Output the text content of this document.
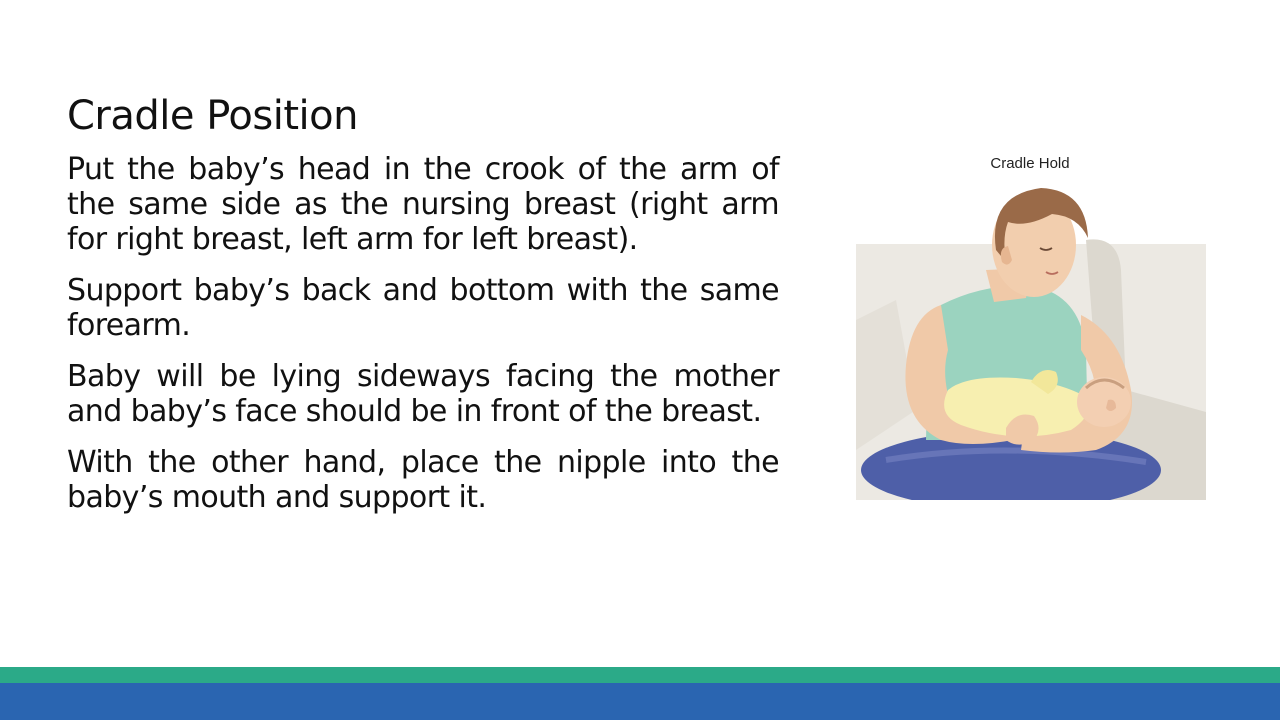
Cradle Position

Put the baby’s head in the crook of the arm of the same side as the nursing breast (right arm for right breast, left arm for left breast).

Support baby’s back and bottom with the same forearm.

Baby will be lying sideways facing the mother and baby’s face should be in front of the breast.

With the other hand, place the nipple into the baby’s mouth and support it.

Cradle Hold
